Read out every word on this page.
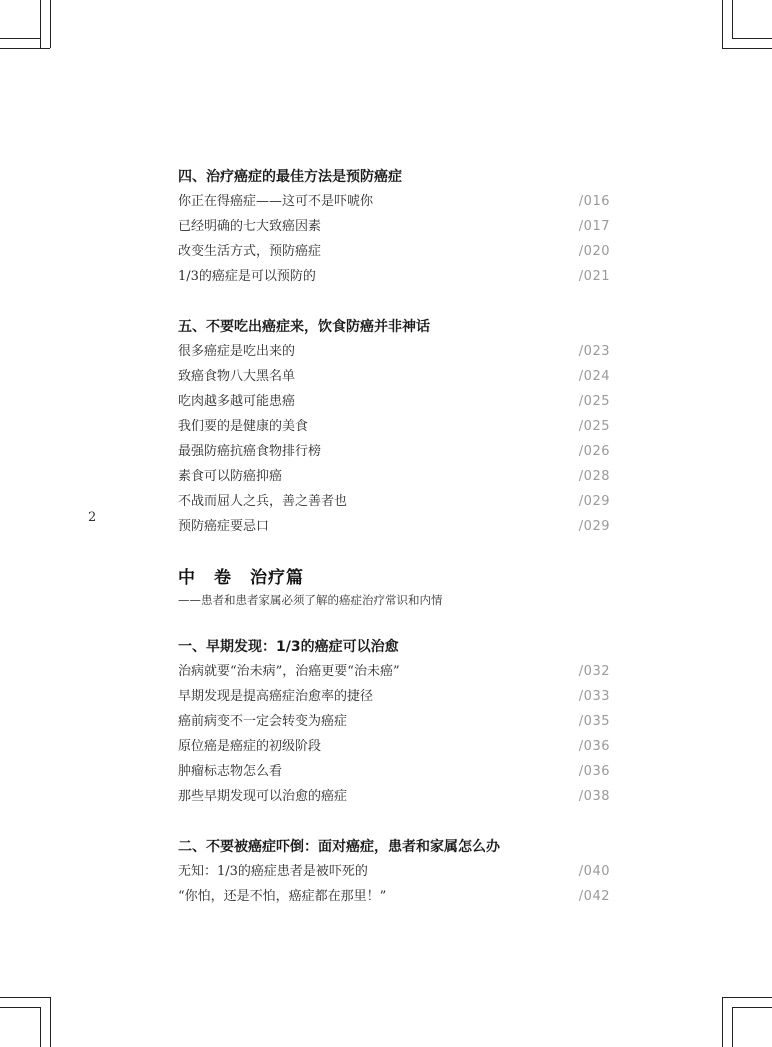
2
四、治疗癌症的最佳方法是预防癌症
你正在得癌症——这可不是吓唬你	/016
已经明确的七大致癌因素	/017
改变生活方式，预防癌症	/020
1/3的癌症是可以预防的	/021
五、不要吃出癌症来，饮食防癌并非神话
很多癌症是吃出来的	/023
致癌食物八大黑名单	/024
吃肉越多越可能患癌	/025
我们要的是健康的美食	/025
最强防癌抗癌食物排行榜	/026
素食可以防癌抑癌	/028
不战而屈人之兵，善之善者也	/029
预防癌症要忌口	/029
中　卷　治疗篇
——患者和患者家属必须了解的癌症治疗常识和内情
一、早期发现：1/3的癌症可以治愈
治病就要“治未病”，治癌更要“治未癌”	/032
早期发现是提高癌症治愈率的捷径	/033
癌前病变不一定会转变为癌症	/035
原位癌是癌症的初级阶段	/036
肿瘤标志物怎么看	/036
那些早期发现可以治愈的癌症	/038
二、不要被癌症吓倒：面对癌症，患者和家属怎么办
无知：1/3的癌症患者是被吓死的	/040
“你怕，还是不怕，癌症都在那里！”	/042
